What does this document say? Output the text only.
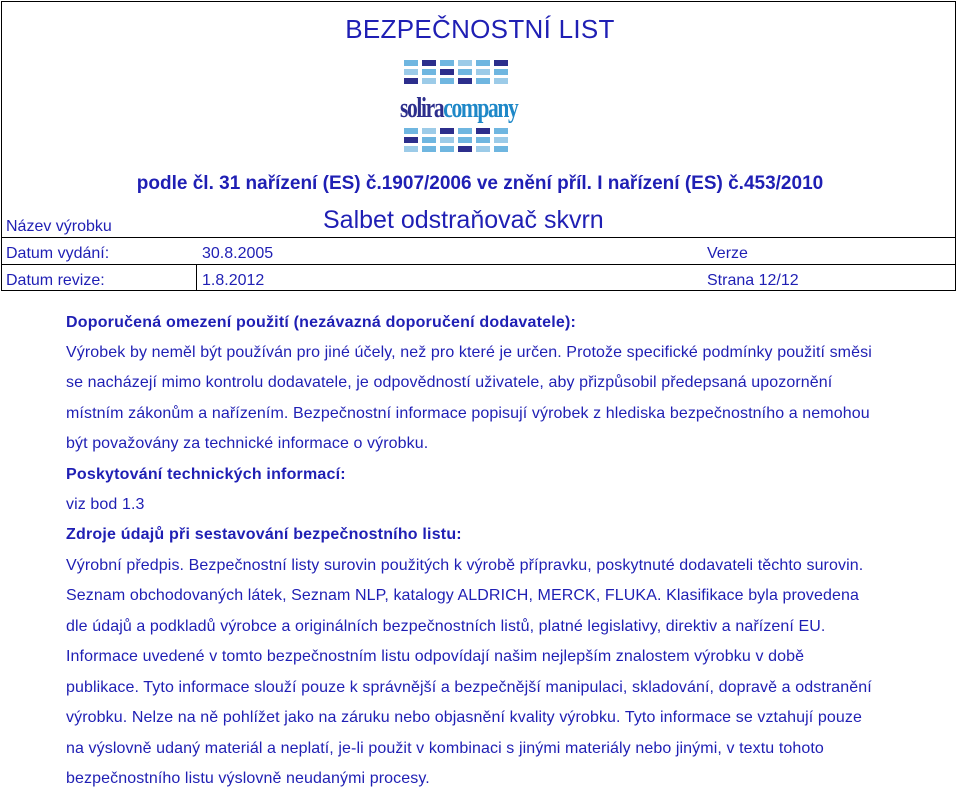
BEZPEČNOSTNÍ LIST
soliracompany
podle čl. 31 nařízení (ES) č.1907/2006 ve znění příl. I nařízení (ES) č.453/2010
Název výrobku	Salbet odstraňovač skvrn
Datum vydání:	30.8.2005	Verze
Datum revize:	1.8.2012	Strana 12/12
Doporučená omezení použití (nezávazná doporučení dodavatele):
Výrobek by neměl být používán pro jiné účely, než pro které je určen. Protože specifické podmínky použití směsi
se nacházejí mimo kontrolu dodavatele, je odpovědností uživatele, aby přizpůsobil předepsaná upozornění
místním zákonům a nařízením. Bezpečnostní informace popisují výrobek z hlediska bezpečnostního a nemohou
být považovány za technické informace o výrobku.
Poskytování technických informací:
viz bod 1.3
Zdroje údajů při sestavování bezpečnostního listu:
Výrobní předpis. Bezpečnostní listy surovin použitých k výrobě přípravku, poskytnuté dodavateli těchto surovin.
Seznam obchodovaných látek, Seznam NLP, katalogy ALDRICH, MERCK, FLUKA. Klasifikace byla provedena
dle údajů a podkladů výrobce a originálních bezpečnostních listů, platné legislativy, direktiv a nařízení EU.
Informace uvedené v tomto bezpečnostním listu odpovídají našim nejlepším znalostem výrobku v době
publikace. Tyto informace slouží pouze k správnější a bezpečnější manipulaci, skladování, dopravě a odstranění
výrobku. Nelze na ně pohlížet jako na záruku nebo objasnění kvality výrobku. Tyto informace se vztahují pouze
na výslovně udaný materiál a neplatí, je-li použit v kombinaci s jinými materiály nebo jinými, v textu tohoto
bezpečnostního listu výslovně neudanými procesy.
